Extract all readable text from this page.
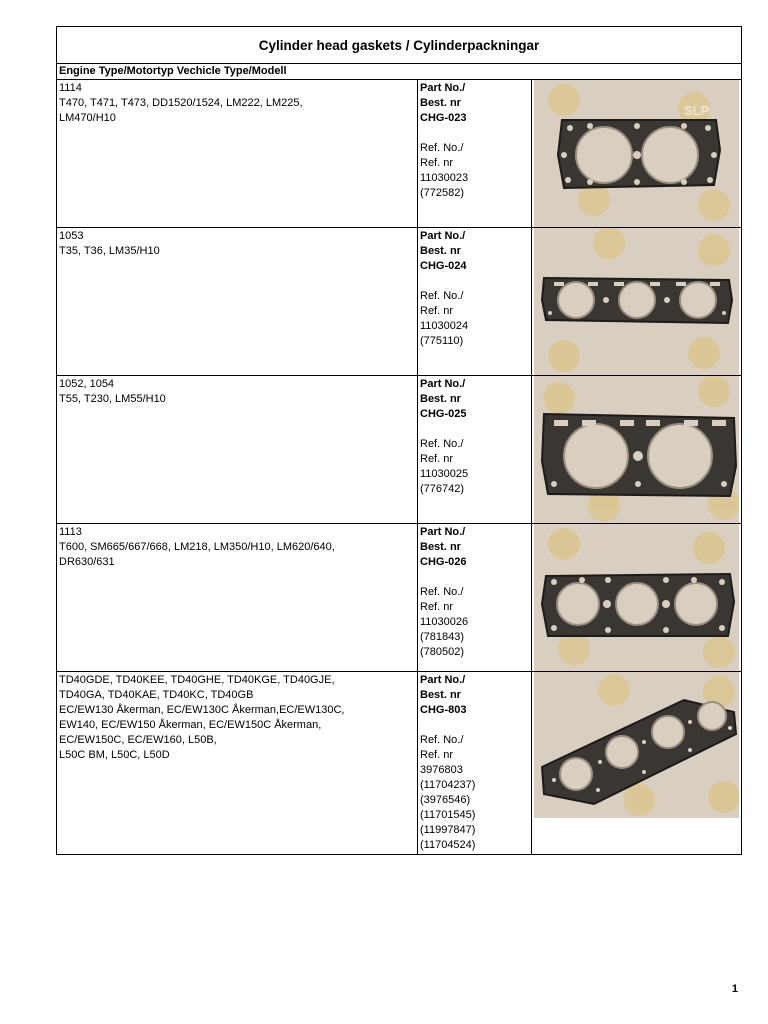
Cylinder head gaskets / Cylinderpackningar
Engine Type/Motortyp Vechicle Type/Modell
1114
T470, T471, T473, DD1520/1524, LM222, LM225,
LM470/H10
Part No./
Best. nr
CHG-023
Ref. No./
Ref. nr
11030023
(772582)
SLP
1053
T35, T36, LM35/H10
Part No./
Best. nr
CHG-024
Ref. No./
Ref. nr
11030024
(775110)
1052, 1054
T55, T230, LM55/H10
Part No./
Best. nr
CHG-025
Ref. No./
Ref. nr
11030025
(776742)
1113
T600, SM665/667/668, LM218, LM350/H10, LM620/640,
DR630/631
Part No./
Best. nr
CHG-026
Ref. No./
Ref. nr
11030026
(781843)
(780502)
TD40GDE, TD40KEE, TD40GHE, TD40KGE, TD40GJE,
TD40GA, TD40KAE, TD40KC, TD40GB
EC/EW130 Åkerman, EC/EW130C Åkerman,EC/EW130C,
EW140, EC/EW150 Åkerman, EC/EW150C Åkerman,
EC/EW150C, EC/EW160, L50B,
L50C BM, L50C, L50D
Part No./
Best. nr
CHG-803
Ref. No./
Ref. nr
3976803
(11704237)
(3976546)
(11701545)
(11997847)
(11704524)
1
